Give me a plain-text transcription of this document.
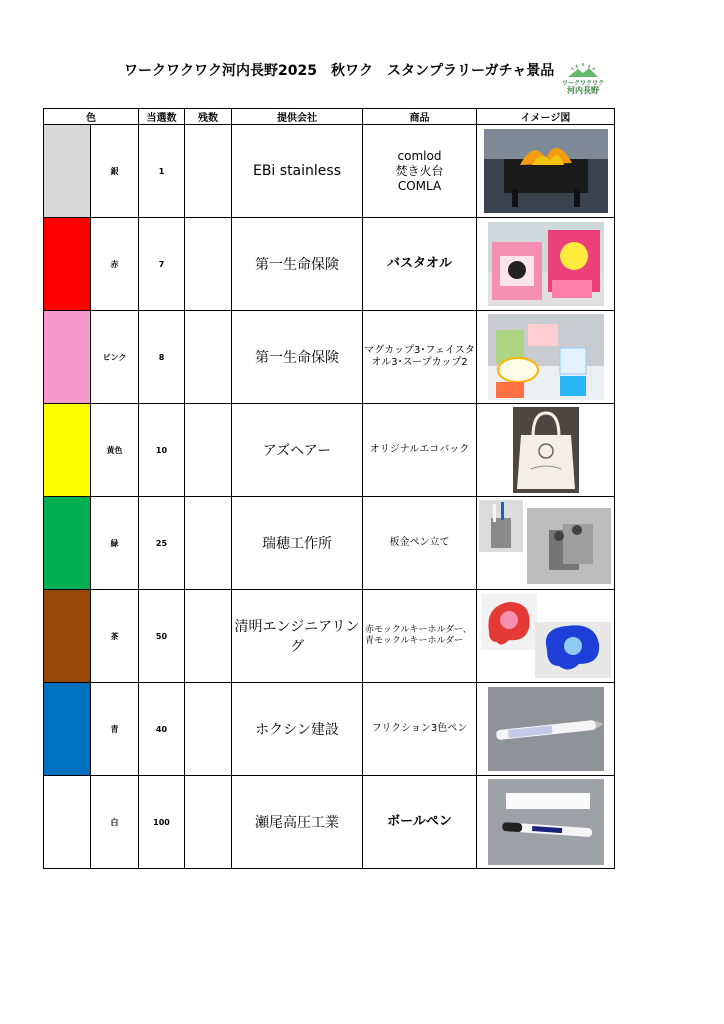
ワークワクワク河内長野2025　秋ワク　スタンプラリーガチャ景品
ワークワクワク
河内長野
色		当選数	残数	提供会社	商品	イメージ図
	銀	1		EBi stainless	comlod
焚き火台
COMLA

	赤	7		第一生命保険	バスタオル	

	ピンク	8		第一生命保険	マグカップ3･フェイスタオル3･スープカップ2	

	黄色	10		アズヘアー	オリジナルエコバック	

	緑	25		瑞穂工作所	板金ペン立て	

	茶	50		清明エンジニアリング	赤モックルキーホルダー、青モックルキーホルダー	

	青	40		ホクシン建設	フリクション3色ペン	

	白	100		瀬尾高圧工業	ボールペン	
